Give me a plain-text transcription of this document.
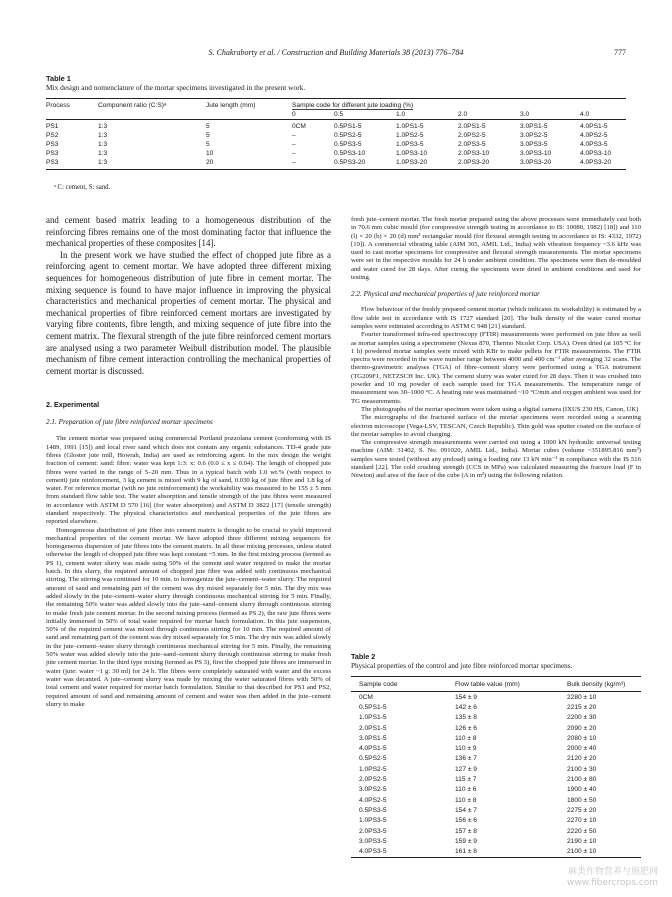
S. Chakraborty et al. / Construction and Building Materials 38 (2013) 776–784	777
Table 1
Mix design and nomenclature of the mortar specimens investigated in the present work.
Process	Component ratio (C:S)ᵃ	Jute length (mm)	Sample code for different jute loading (%)					
			0	0.5	1.0	2.0	3.0	4.0
PS1	1:3	5	0CM	0.5PS1-5	1.0PS1-5	2.0PS1-5	3.0PS1-5	4.0PS1-5
PS2	1:3	5	–	0.5PS2-5	1.0PS2-5	2.0PS2-5	3.0PS2-5	4.0PS2-5
PS3	1:3	5	–	0.5PS3-5	1.0PS3-5	2.0PS3-5	3.0PS3-5	4.0PS3-5
PS3	1:3	10	–	0.5PS3-10	1.0PS3-10	2.0PS3-10	3.0PS3-10	4.0PS3-10
PS3	1:3	20	–	0.5PS3-20	1.0PS3-20	2.0PS3-20	3.0PS3-20	4.0PS3-20
ᵃ C: cement, S: sand.

and cement based matrix leading to a homogeneous distribution of the reinforcing fibres remains one of the most dominating factor that influence the mechanical properties of these composites [14].

In the present work we have studied the effect of chopped jute fibre as a reinforcing agent to cement mortar. We have adopted three different mixing sequences for homogeneous distribution of jute fibre in cement mortar. The mixing sequence is found to have major influence in improving the physical characteristics and mechanical properties of cement mortar. The physical and mechanical properties of fibre reinforced cement mortars are investigated by varying fibre contents, fibre length, and mixing sequence of jute fibre into the cement matrix. The flexural strength of the jute fibre reinforced cement mortars are analysed using a two parameter Weibull distribution model. The plausible mechanism of fibre cement interaction controlling the mechanical properties of cement mortar is discussed.

2. Experimental

2.1. Preparation of jute fibre reinforced mortar specimens

The cement mortar was prepared using commercial Portland pozzolana cement (conforming with IS 1489, 1991 [15]) and local river sand which does not contain any organic substances. TD-4 grade jute fibres (Gloster jute mill, Howrah, India) are used as reinforcing agent. In the mix design the weight fraction of cement: sand: fibre: water was kept 1:3: x: 0.6 (0.0 ≤ x ≤ 0.04). The length of chopped jute fibres were varied in the range of 5–20 mm. Thus in a typical batch with 1.0 wt.% (with respect to cement) jute reinforcement, 3 kg cement is mixed with 9 kg of sand, 0.030 kg of jute fibre and 1.8 kg of water. For reference mortar (with no jute reinforcement) the workability was measured to be 155 ± 5 mm from standard flow table test. The water absorption and tensile strength of the jute fibres were measured in accordance with ASTM D 570 [16] (for water absorption) and ASTM D 3822 [17] (tensile strength) standard respectively. The physical characteristics and mechanical properties of the jute fibres are reported elsewhere.

Homogeneous distribution of jute fibre into cement matrix is thought to be crucial to yield improved mechanical properties of the cement mortar. We have adopted three different mixing sequences for homogeneous dispersion of jute fibres into the cement matrix. In all these mixing processes, unless stated otherwise the length of chopped jute fibre was kept constant ~5 mm. In the first mixing process (termed as PS 1), cement water slurry was made using 50% of the cement and water required to make the mortar batch. In this slurry, the required amount of chopped jute fibre was added with continuous mechanical stirring. The stirring was continued for 10 min. to homogenize the jute–cement–water slurry. The required amount of sand and remaining part of the cement was dry mixed separately for 5 min. The dry mix was added slowly in the jute–cement–water slurry through continuous mechanical stirring for 5 min. Finally, the remaining 50% water was added slowly into the jute–sand–cement slurry through continuous stirring to make fresh jute cement mortar. In the second mixing process (termed as PS 2), the raw jute fibres were initially immersed in 50% of total water required for mortar batch formulation. In this jute suspension, 50% of the required cement was mixed through continuous stirring for 10 min. The required amount of sand and remaining part of the cement was dry mixed separately for 5 min. The dry mix was added slowly in the jute–cement–water slurry through continuous mechanical stirring for 5 min. Finally, the remaining 50% water was added slowly into the jute–sand–cement slurry through continuous stirring to make fresh jute cement mortar. In the third type mixing (termed as PS 3), first the chopped jute fibres are immersed in water (jute: water ~1 g: 30 ml) for 24 h. The fibres were completely saturated with water and the excess water was decanted. A jute–cement slurry was made by mixing the water saturated fibres with 50% of total cement and water required for mortar batch formulation. Similar to that described for PS1 and PS2, required amount of sand and remaining amount of cement and water was then added in the jute–cement slurry to make

fresh jute–cement mortar. The fresh mortar prepared using the above processes were immediately cast both in 70.6 mm cubic mould (for compressive strength testing in accordance to IS: 10080, 1982) [18]) and 110 (l) × 20 (b) × 20 (d) mm³ rectangular mould (for flexural strength testing in accordance to IS: 4332, 1972) [19]). A commercial vibrating table (AIM 365, AMIL Ltd., India) with vibration frequency ~3.6 kHz was used to cast mortar specimens for compressive and flexural strength measurements. The mortar specimens were set in the respective moulds for 24 h under ambient condition. The specimens were then de-moulded and water cured for 28 days. After curing the specimens were dried in ambient conditions and used for testing.

2.2. Physical and mechanical properties of jute reinforced mortar

Flow behaviour of the freshly prepared cement mortar (which indicates its workability) is estimated by a flow table test in accordance with IS 1727 standard [20]. The bulk density of the water cured mortar samples were estimated according to ASTM C 948 [21] standard.

Fourier transformed infra-red spectroscopy (FTIR) measurements were performed on jute fibre as well as mortar samples using a spectrometer (Nexus 870, Thermo Nicolet Corp. USA). Oven dried (at 105 °C for 1 h) powdered mortar samples were mixed with KBr to make pellets for FTIR measurements. The FTIR spectra were recorded in the wave number range between 4000 and 400 cm⁻¹ after averaging 32 scans. The thermo-gravimetric analyses (TGA) of fibre–cement slurry were performed using a TGA instrument (TG209F1, NETZSCH Inc. UK). The cement slurry was water cured for 28 days. Then it was crushed into powder and 10 mg powder of each sample used for TGA measurements. The temperature range of measurement was 30–1000 °C. A heating rate was maintained ~10 °C/min and oxygen ambient was used for TG measurements.

The photographs of the mortar specimen were taken using a digital camera (IXUS 230 HS, Canon, UK)

The micrographs of the fractured surface of the mortar specimens were recorded using a scanning electron microscope (Vega-LSV, TESCAN, Czech Republic). Thin gold was sputter coated on the surface of the mortar samples to avoid charging.

The compressive strength measurements were carried out using a 1000 kN hydraulic universal testing machine (AIM: 31402, S. No. 091020, AMIL Ltd., India). Mortar cubes (volume ~351895.816 mm³) samples were tested (without any preload) using a loading rate 13 kN min⁻¹ in compliance with the IS 516 standard [22]. The cold crushing strength (CCS in MPa) was calculated measuring the fracture load (F in Newton) and area of the face of the cube (A in m²) using the following relation.

Table 2
Physical properties of the control and jute fibre reinforced mortar specimens.
Sample code	Flow table value (mm)	Bulk density (kg/m³)
0CM	154 ± 9	2280 ± 10
0.5PS1-5	142 ± 6	2215 ± 20
1.0PS1-5	135 ± 8	2200 ± 30
2.0PS1-5	126 ± 6	2090 ± 20
3.0PS1-5	110 ± 8	2080 ± 10
4.0PS1-5	110 ± 9	2000 ± 40
0.5PS2-5	136 ± 7	2120 ± 20
1.0PS2-5	127 ± 9	2100 ± 30
2.0PS2-5	115 ± 7	2100 ± 80
3.0PS2-5	110 ± 6	1900 ± 40
4.0PS2-5	110 ± 8	1800 ± 50
0.5PS3-5	154 ± 7	2275 ± 20
1.0PS3-5	156 ± 6	2270 ± 10
2.0PS3-5	157 ± 8	2220 ± 50
3.0PS3-5	159 ± 9	2190 ± 10
4.0PS3-5	161 ± 8	2100 ± 10
麻类作物营养与施肥网
www.fibercrops.com
